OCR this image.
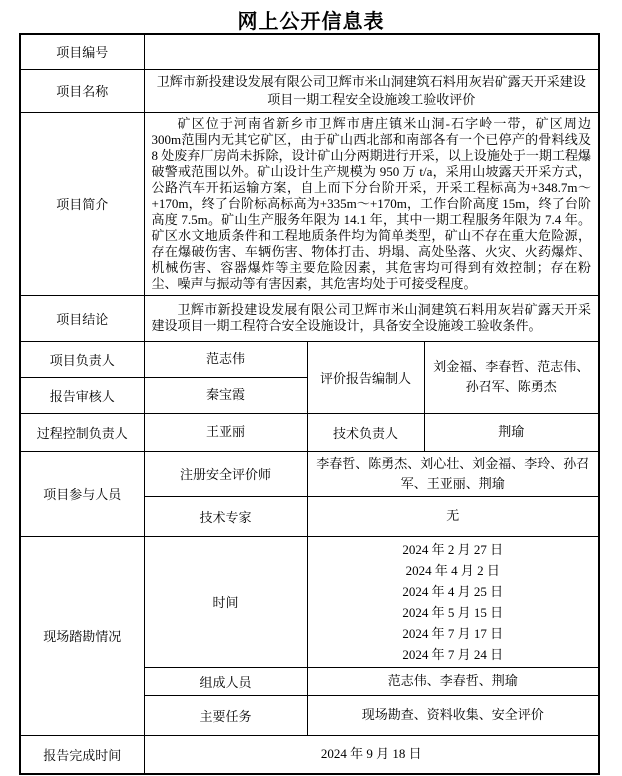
网上公开信息表
项目编号			
项目名称	卫辉市新投建设发展有限公司卫辉市米山洞建筑石料用灰岩矿露天开采建设项目一期工程安全设施竣工验收评价		
项目简介	矿区位于河南省新乡市卫辉市唐庄镇米山洞-石字岭一带，矿区周边 300m范围内无其它矿区，由于矿山西北部和南部各有一个已停产的骨料线及 8 处废弃厂房尚未拆除，设计矿山分两期进行开采，以上设施处于一期工程爆破警戒范围以外。矿山设计生产规模为 950 万 t/a，采用山坡露天开采方式，公路汽车开拓运输方案，自上而下分台阶开采，开采工程标高为+348.7m～+170m，终了台阶标高标高为+335m～+170m，工作台阶高度 15m，终了台阶高度 7.5m。矿山生产服务年限为 14.1 年，其中一期工程服务年限为 7.4 年。矿区水文地质条件和工程地质条件均为简单类型，矿山不存在重大危险源，存在爆破伤害、车辆伤害、物体打击、坍塌、高处坠落、火灾、火药爆炸、机械伤害、容器爆炸等主要危险因素，其危害均可得到有效控制；存在粉尘、噪声与振动等有害因素，其危害均处于可接受程度。		
项目结论	卫辉市新投建设发展有限公司卫辉市米山洞建筑石料用灰岩矿露天开采建设项目一期工程符合安全设施设计，具备安全设施竣工验收条件。		
项目负责人	范志伟	评价报告编制人	刘金福、李春哲、范志伟、孙召军、陈勇杰
报告审核人	秦宝霞		
过程控制负责人	王亚丽	技术负责人	荆瑜
项目参与人员	注册安全评价师	李春哲、陈勇杰、刘心壮、刘金福、李玲、孙召军、王亚丽、荆瑜	
	技术专家	无	
现场踏勘情况	时间	
2024 年 2 月 27 日
2024 年 4 月 2 日
2024 年 4 月 25 日
2024 年 5 月 15 日
2024 年 7 月 17 日
2024 年 7 月 24 日

	组成人员	范志伟、李春哲、荆瑜	
	主要任务	现场勘查、资料收集、安全评价	
报告完成时间	2024 年 9 月 18 日		
